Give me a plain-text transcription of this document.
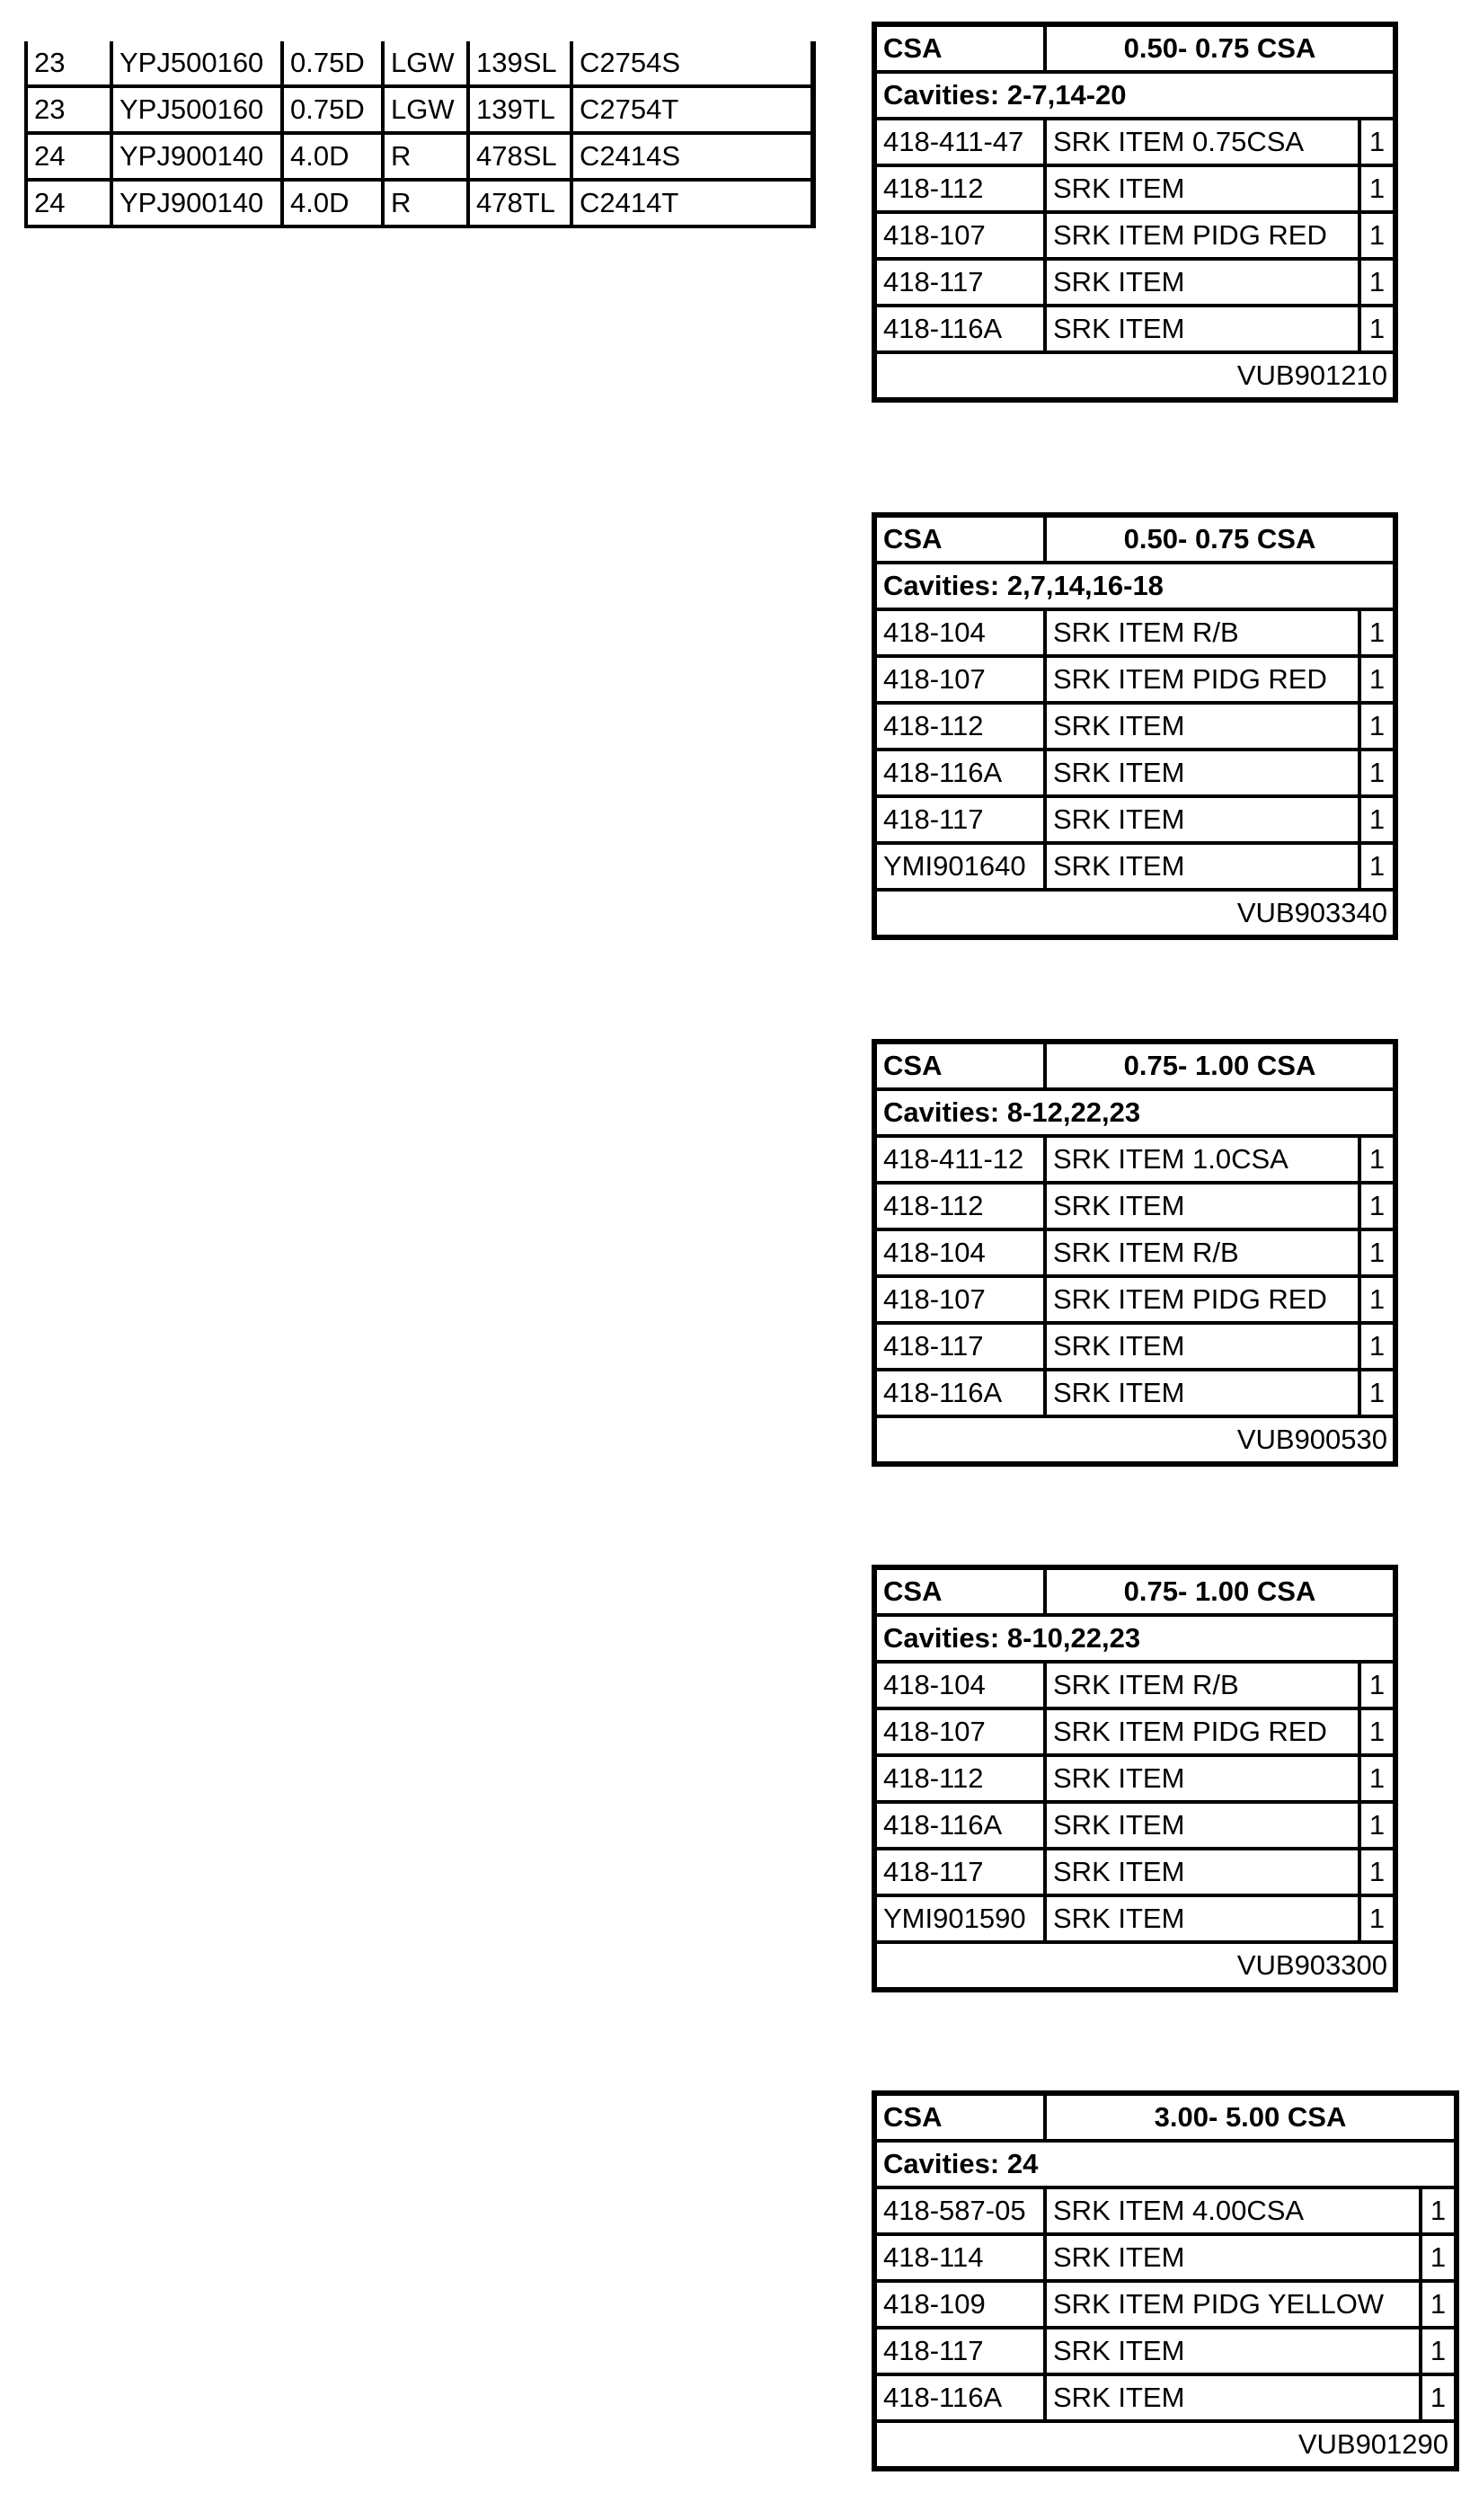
23	YPJ500160	0.75D	LGW	139SL	C2754S
23	YPJ500160	0.75D	LGW	139TL	C2754T
24	YPJ900140	4.0D	R	478SL	C2414S
24	YPJ900140	4.0D	R	478TL	C2414T
CSA	0.50- 0.75 CSA	
Cavities: 2-7,14-20		
418-411-47	SRK ITEM 0.75CSA	1
418-112	SRK ITEM	1
418-107	SRK ITEM PIDG RED	1
418-117	SRK ITEM	1
418-116A	SRK ITEM	1
VUB901210		
CSA	0.50- 0.75 CSA	
Cavities: 2,7,14,16-18		
418-104	SRK ITEM R/B	1
418-107	SRK ITEM PIDG RED	1
418-112	SRK ITEM	1
418-116A	SRK ITEM	1
418-117	SRK ITEM	1
YMI901640	SRK ITEM	1
VUB903340		
CSA	0.75- 1.00 CSA	
Cavities: 8-12,22,23		
418-411-12	SRK ITEM 1.0CSA	1
418-112	SRK ITEM	1
418-104	SRK ITEM R/B	1
418-107	SRK ITEM PIDG RED	1
418-117	SRK ITEM	1
418-116A	SRK ITEM	1
VUB900530		
CSA	0.75- 1.00 CSA	
Cavities: 8-10,22,23		
418-104	SRK ITEM R/B	1
418-107	SRK ITEM PIDG RED	1
418-112	SRK ITEM	1
418-116A	SRK ITEM	1
418-117	SRK ITEM	1
YMI901590	SRK ITEM	1
VUB903300		
CSA	3.00- 5.00 CSA	
Cavities: 24		
418-587-05	SRK ITEM 4.00CSA	1
418-114	SRK ITEM	1
418-109	SRK ITEM PIDG YELLOW	1
418-117	SRK ITEM	1
418-116A	SRK ITEM	1
VUB901290		
